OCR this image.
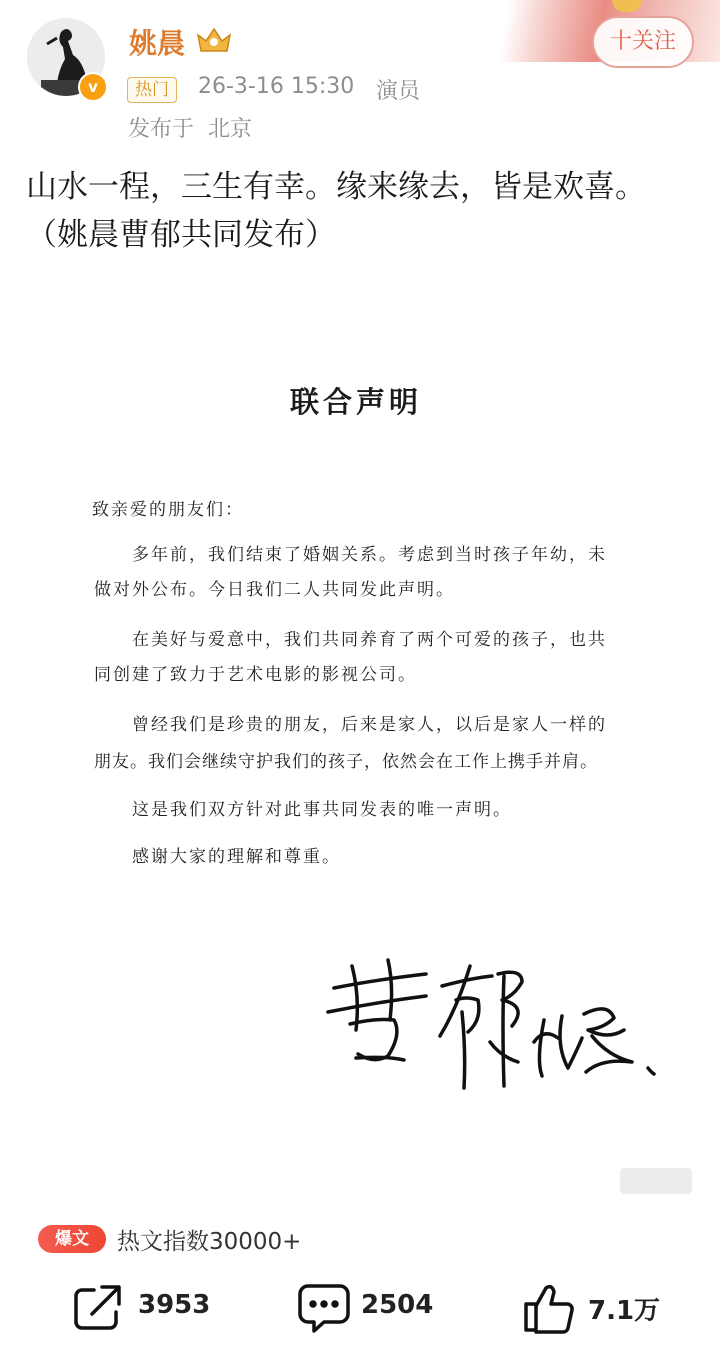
v
姚晨
热门	26-3-16 15:30 演员
发布于 北京
十关注
山水一程，三生有幸。缘来缘去，皆是欢喜。
（姚晨曹郁共同发布）
联合声明
致亲爱的朋友们：
多年前，我们结束了婚姻关系。考虑到当时孩子年幼，未
做对外公布。今日我们二人共同发此声明。
在美好与爱意中，我们共同养育了两个可爱的孩子，也共
同创建了致力于艺术电影的影视公司。
曾经我们是珍贵的朋友，后来是家人，以后是家人一样的
朋友。我们会继续守护我们的孩子，依然会在工作上携手并肩。
这是我们双方针对此事共同发表的唯一声明。
感谢大家的理解和尊重。
爆文	热文指数30000+
3953	2504	7.1万
